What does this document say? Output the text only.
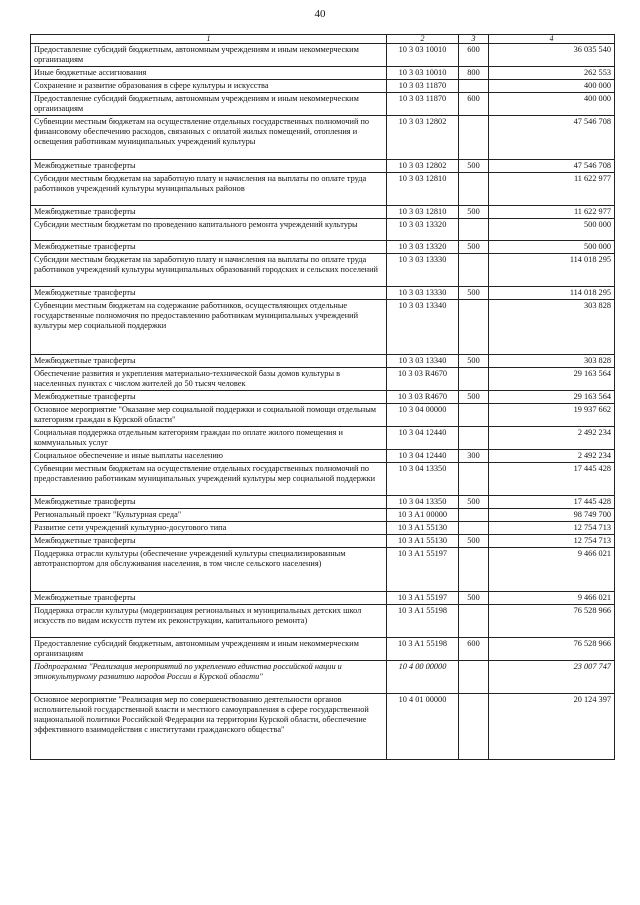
40
1	2	3	4
Предоставление субсидий бюджетным, автономным учреждениям и иным некоммерческим организациям	10 3 03 10010	600	36 035 540
Иные бюджетные ассигнования	10 3 03 10010	800	262 553
Сохранение и развитие образования в сфере культуры и искусства	10 3 03 11870		400 000
Предоставление субсидий бюджетным, автономным учреждениям и иным некоммерческим организациям	10 3 03 11870	600	400 000
Субвенции местным бюджетам на осуществление отдельных государственных полномочий по финансовому обеспечению расходов, связанных с оплатой жилых помещений, отопления и освещения работникам муниципальных учреждений культуры	10 3 03 12802		47 546 708
Межбюджетные трансферты	10 3 03 12802	500	47 546 708
Субсидии местным бюджетам на заработную плату и начисления на выплаты по оплате труда работников учреждений культуры муниципальных районов	10 3 03 12810		11 622 977
Межбюджетные трансферты	10 3 03 12810	500	11 622 977
Субсидии местным бюджетам по проведению капитального ремонта учреждений культуры	10 3 03 13320		500 000
Межбюджетные трансферты	10 3 03 13320	500	500 000
Субсидии местным бюджетам на заработную плату и начисления на выплаты по оплате труда работников учреждений культуры муниципальных образований городских и сельских поселений	10 3 03 13330		114 018 295
Межбюджетные трансферты	10 3 03 13330	500	114 018 295
Субвенции местным бюджетам на содержание работников, осуществляющих отдельные государственные полномочия по предоставлению работникам муниципальных учреждений культуры мер социальной поддержки	10 3 03 13340		303 828
Межбюджетные трансферты	10 3 03 13340	500	303 828
Обеспечение развития и укрепления материально-технической базы домов культуры в населенных пунктах с числом жителей до 50 тысяч человек	10 3 03 R4670		29 163 564
Межбюджетные трансферты	10 3 03 R4670	500	29 163 564
Основное мероприятие "Оказание мер социальной поддержки и социальной помощи отдельным категориям граждан в Курской области"	10 3 04 00000		19 937 662
Социальная поддержка отдельным категориям граждан по оплате жилого помещения и коммунальных услуг	10 3 04 12440		2 492 234
Социальное обеспечение и иные выплаты населению	10 3 04 12440	300	2 492 234
Субвенции местным бюджетам на осуществление отдельных государственных полномочий по предоставлению работникам муниципальных учреждений культуры мер социальной поддержки	10 3 04 13350		17 445 428
Межбюджетные трансферты	10 3 04 13350	500	17 445 428
Региональный проект "Культурная среда"	10 3 A1 00000		98 749 700
Развитие сети учреждений культурно-досугового типа	10 3 A1 55130		12 754 713
Межбюджетные трансферты	10 3 A1 55130	500	12 754 713
Поддержка отрасли культуры (обеспечение учреждений культуры специализированным автотранспортом для обслуживания населения, в том числе сельского населения)	10 3 A1 55197		9 466 021
Межбюджетные трансферты	10 3 A1 55197	500	9 466 021
Поддержка отрасли культуры (модернизация региональных и муниципальных детских школ искусств по видам искусств путем их реконструкции, капитального ремонта)	10 3 A1 55198		76 528 966
Предоставление субсидий бюджетным, автономным учреждениям и иным некоммерческим организациям	10 3 A1 55198	600	76 528 966
Подпрограмма "Реализация мероприятий по укреплению единства российской нации и этнокультурному развитию народов России в Курской области"	10 4 00 00000		23 007 747
Основное мероприятие "Реализация мер по совершенствованию деятельности органов исполнительной государственной власти и местного самоуправления в сфере государственной национальной политики Российской Федерации на территории Курской области, обеспечение эффективного взаимодействия с институтами гражданского общества"	10 4 01 00000		20 124 397
